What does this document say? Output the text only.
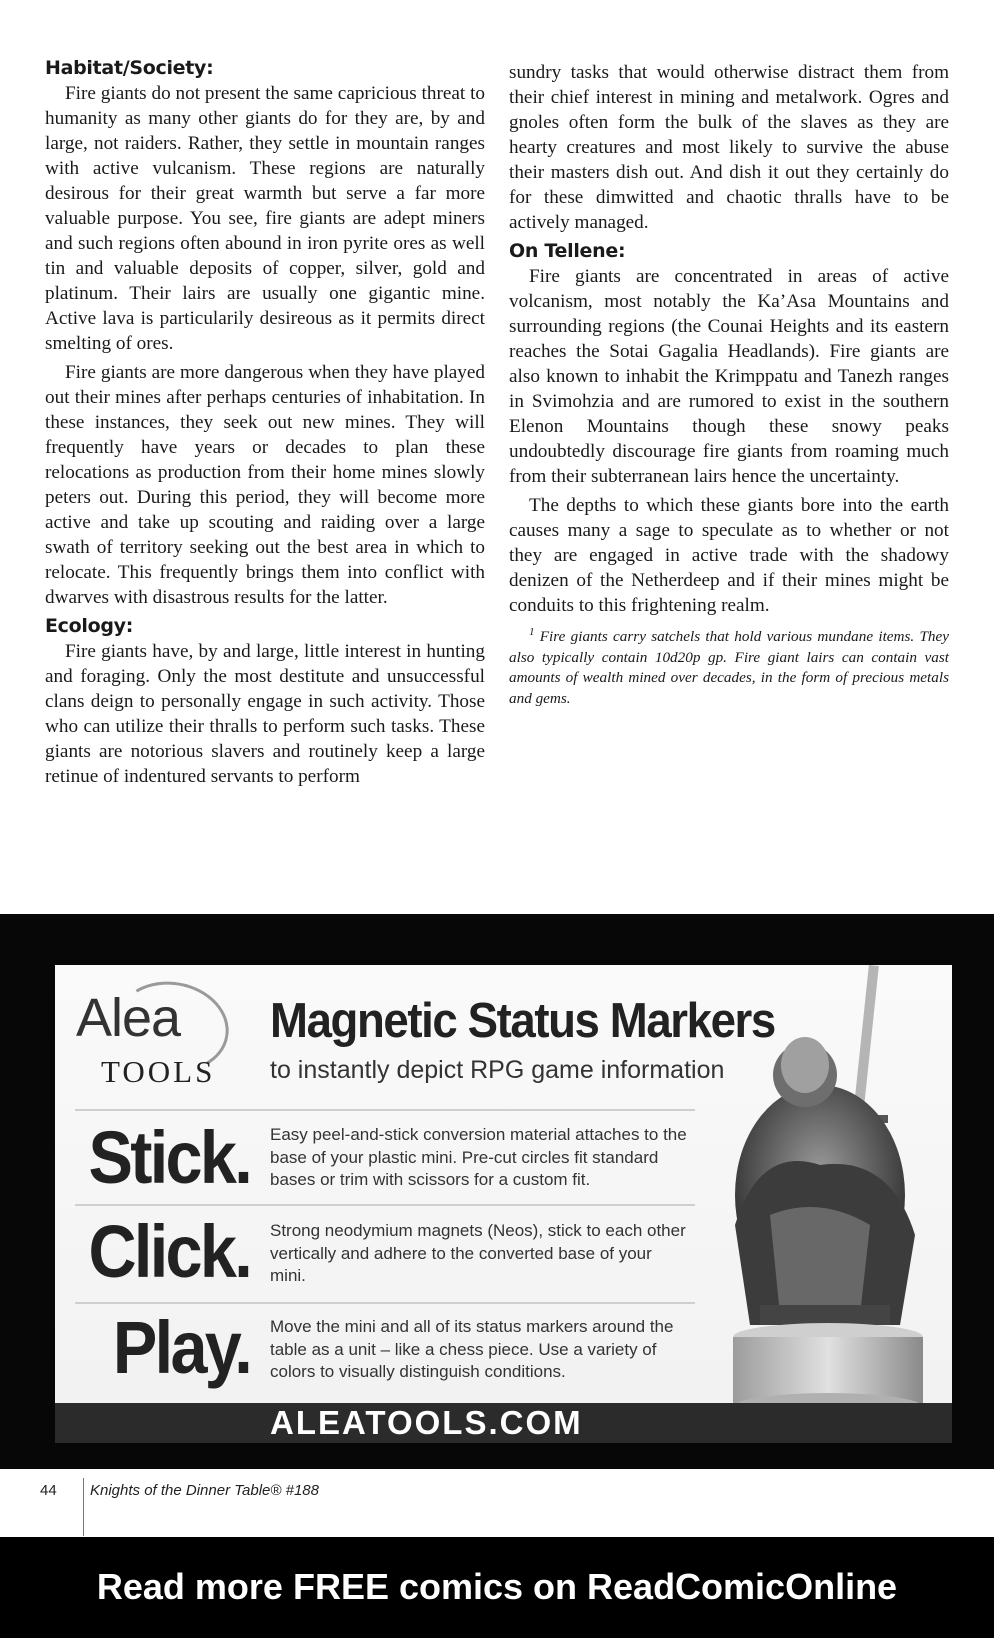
Habitat/Society:

Fire giants do not present the same capricious threat to humanity as many other giants do for they are, by and large, not raiders. Rather, they settle in mountain ranges with active vulcanism. These regions are naturally desirous for their great warmth but serve a far more valuable purpose. You see, fire giants are adept miners and such regions often abound in iron pyrite ores as well tin and valuable deposits of copper, silver, gold and platinum. Their lairs are usually one gigantic mine. Active lava is particularily desireous as it permits direct smelting of ores.

Fire giants are more dangerous when they have played out their mines after perhaps centuries of inhabitation. In these instances, they seek out new mines. They will frequently have years or decades to plan these relocations as production from their home mines slowly peters out. During this period, they will become more active and take up scouting and raiding over a large swath of territory seeking out the best area in which to relocate. This frequently brings them into conflict with dwarves with disastrous results for the latter.

Ecology:

Fire giants have, by and large, little interest in hunting and foraging. Only the most destitute and unsuccessful clans deign to personally engage in such activity. Those who can utilize their thralls to perform such tasks. These giants are notorious slavers and routinely keep a large retinue of indentured servants to perform

sundry tasks that would otherwise distract them from their chief interest in mining and metalwork. Ogres and gnoles often form the bulk of the slaves as they are hearty creatures and most likely to survive the abuse their masters dish out. And dish it out they certainly do for these dimwitted and chaotic thralls have to be actively managed.

On Tellene:

Fire giants are concentrated in areas of active volcanism, most notably the Ka’Asa Mountains and surrounding regions (the Counai Heights and its eastern reaches the Sotai Gagalia Headlands). Fire giants are also known to inhabit the Krimppatu and Tanezh ranges in Svimohzia and are rumored to exist in the southern Elenon Mountains though these snowy peaks undoubtedly discourage fire giants from roaming much from their subterranean lairs hence the uncertainty.

The depths to which these giants bore into the earth causes many a sage to speculate as to whether or not they are engaged in active trade with the shadowy denizen of the Netherdeep and if their mines might be conduits to this frightening realm.

$^1$ Fire giants carry satchels that hold various mundane items. They also typically contain 10d20p gp. Fire giant lairs can contain vast amounts of wealth mined over decades, in the form of precious metals and gems.

Alea
TOOLS
Magnetic Status Markers
to instantly depict RPG game information
Stick. Easy peel-and-stick conversion material attaches to the base of your plastic mini. Pre-cut circles fit standard bases or trim with scissors for a custom fit.
Click. Strong neodymium magnets (Neos), stick to each other vertically and adhere to the converted base of your mini.
Play. Move the mini and all of its status markers around the table as a unit – like a chess piece. Use a variety of colors to visually distinguish conditions.
ALEATOOLS.COM
44 Knights of the Dinner Table® #188
Read more FREE comics on ReadComicOnline
